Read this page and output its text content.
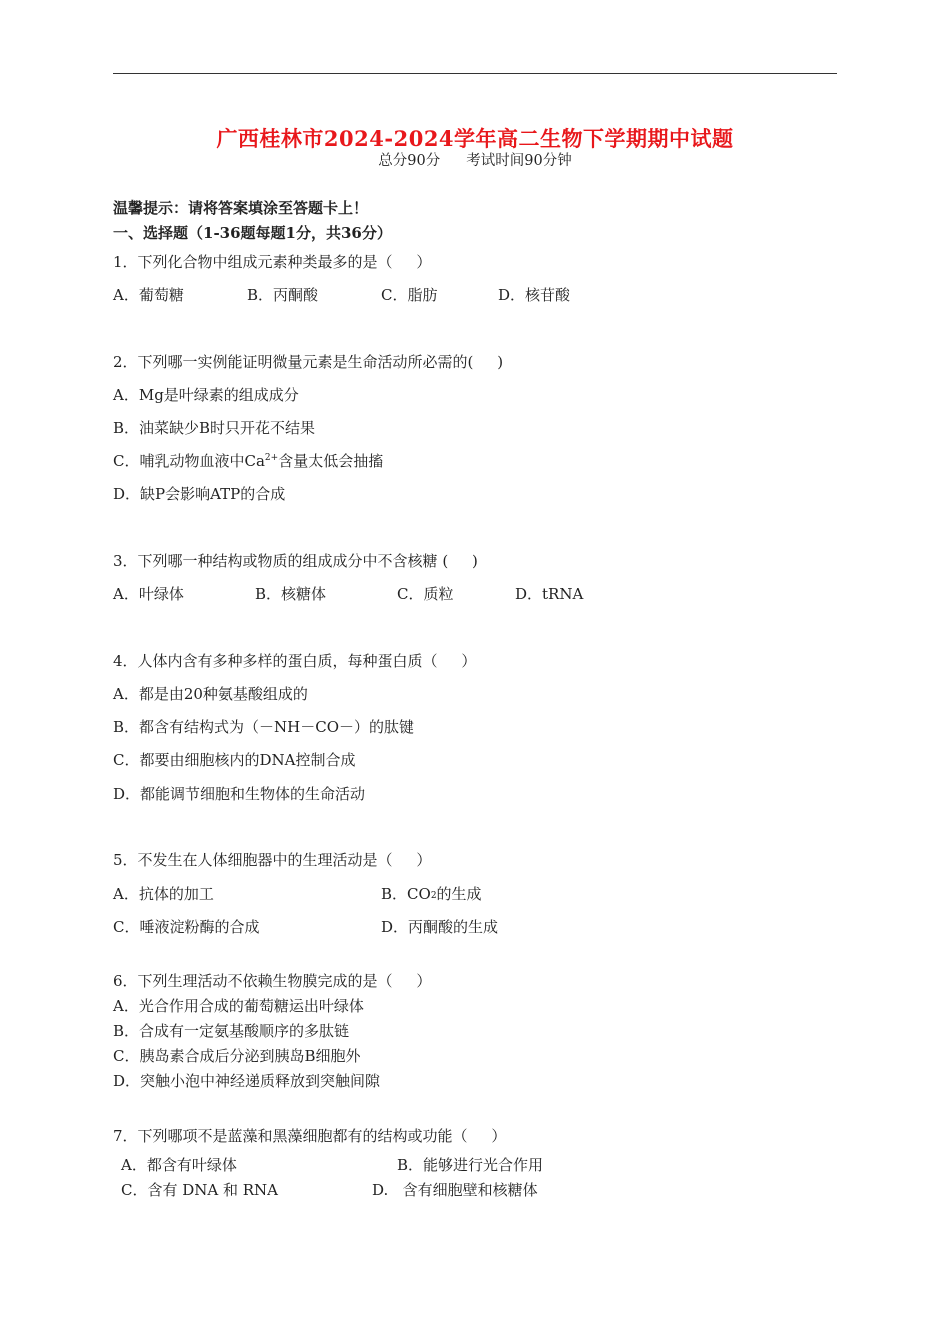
广西桂林市2024-2024学年高二生物下学期期中试题
总分90分 考试时间90分钟
温馨提示：请将答案填涂至答题卡上！
一、选择题（1-36题每题1分，共36分）
1．下列化合物中组成元素种类最多的是（     ）
A．葡萄糖	B．丙酮酸	C．脂肪	D．核苷酸
2．下列哪一实例能证明微量元素是生命活动所必需的(     )
A．Mg是叶绿素的组成成分
B．油菜缺少B时只开花不结果
C．哺乳动物血液中$Ca^{2+}$含量太低会抽搐
D．缺P会影响ATP的合成
3．下列哪一种结构或物质的组成成分中不含核糖 (     )
A．叶绿体	B．核糖体	C．质粒	D．tRNA
4．人体内含有多种多样的蛋白质，每种蛋白质（     ）
A．都是由20种氨基酸组成的
B．都含有结构式为（－NH－CO－）的肽键
C．都要由细胞核内的DNA控制合成
D．都能调节细胞和生物体的生命活动
5．不发生在人体细胞器中的生理活动是（     ）
A．抗体的加工	B．$CO_2$的生成
C．唾液淀粉酶的合成	D．丙酮酸的生成
6．下列生理活动不依赖生物膜完成的是（     ）
A．光合作用合成的葡萄糖运出叶绿体
B．合成有一定氨基酸顺序的多肽链
C．胰岛素合成后分泌到胰岛B细胞外
D．突触小泡中神经递质释放到突触间隙
7．下列哪项不是蓝藻和黑藻细胞都有的结构或功能（     ）
A．都含有叶绿体	B．能够进行光合作用
C．含有 DNA 和 RNA	D.   含有细胞壁和核糖体
